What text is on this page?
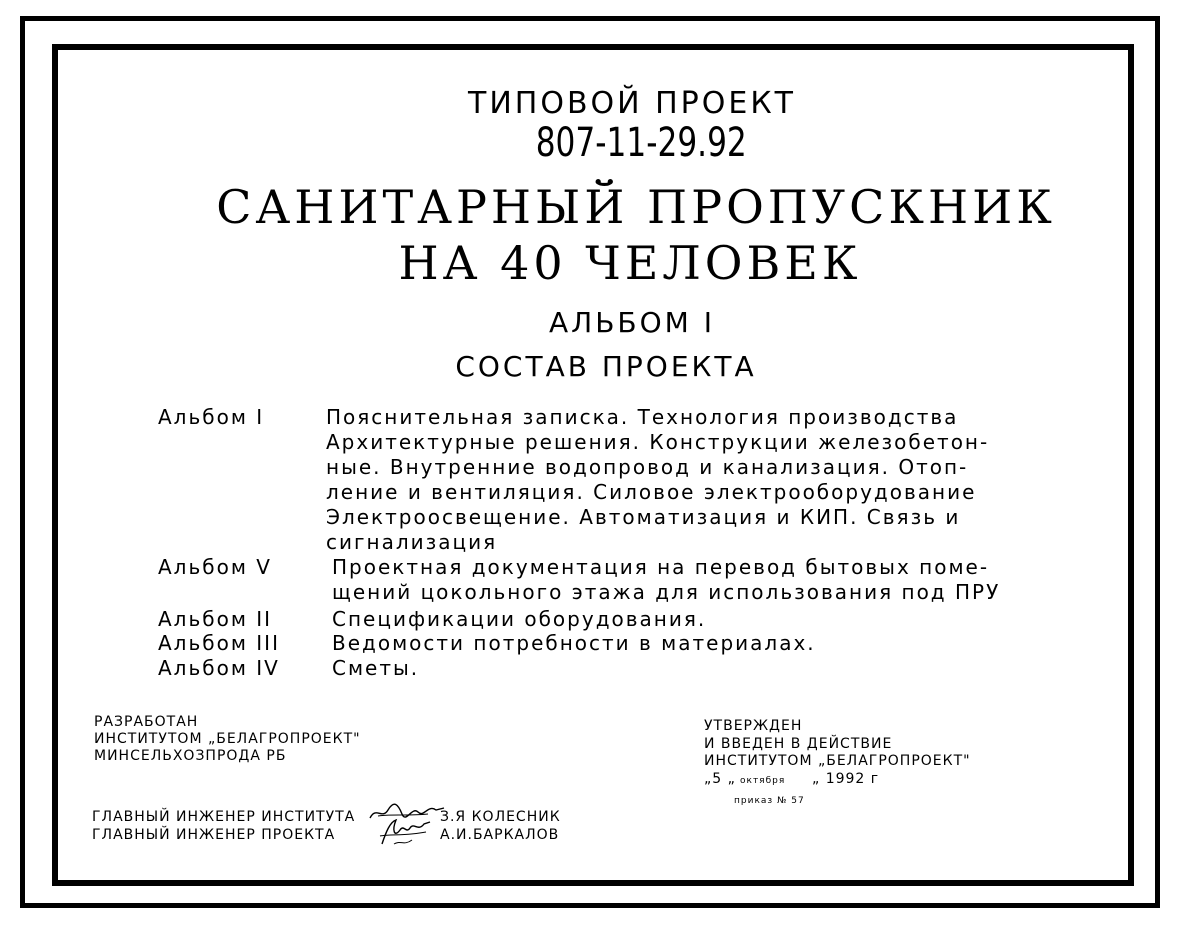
ТИПОВОЙ ПРОЕКТ
807-11-29.92
САНИТАРНЫЙ ПРОПУСКНИК
НА 40 ЧЕЛОВЕК
АЛЬБОМ I
СОСТАВ ПРОЕКТА
Альбом I	Пояснительная записка. Технология производства Архитектурные решения. Конструкции железобетон-ные. Внутренние водопровод и канализация. Отоп-ление и вентиляция. Силовое электрооборудование Электроосвещение. Автоматизация и КИП. Связь и сигнализация
Альбом V	Проектная документация на перевод бытовых поме-щений цокольного этажа для использования под ПРУ
Альбом II	Спецификации оборудования.
Альбом III	Ведомости потребности в материалах.
Альбом IV	Сметы.
РАЗРАБОТАН
ИНСТИТУТОМ „БЕЛАГРОПРОЕКТ"
МИНСЕЛЬХОЗПРОДА РБ
УТВЕРЖДЕН
И ВВЕДЕН В ДЕЙСТВИЕ
ИНСТИТУТОМ „БЕЛАГРОПРОЕКТ"
„5 „ октября „ 1992 г
приказ № 57
ГЛАВНЫЙ ИНЖЕНЕР ИНСТИТУТА	З.Я КОЛЕСНИК
ГЛАВНЫЙ ИНЖЕНЕР ПРОЕКТА	А.И.БАРКАЛОВ
